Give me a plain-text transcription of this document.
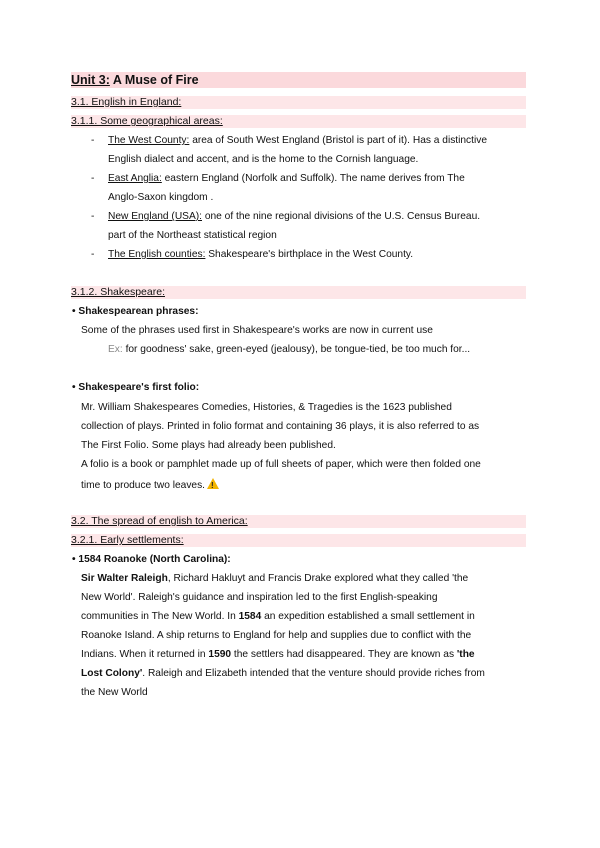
Unit 3: A Muse of Fire
3.1. English in England:
3.1.1. Some geographical areas:
- The West County: area of South West England (Bristol is part of it). Has a distinctive
English dialect and accent, and is the home to the Cornish language.
- East Anglia: eastern England (Norfolk and Suffolk). The name derives from The
Anglo-Saxon kingdom .
- New England (USA): one of the nine regional divisions of the U.S. Census Bureau.
part of the Northeast statistical region
- The English counties: Shakespeare's birthplace in the West County.
3.1.2. Shakespeare:
• Shakespearean phrases:
Some of the phrases used first in Shakespeare's works are now in current use
Ex: for goodness' sake, green-eyed (jealousy), be tongue-tied, be too much for...
• Shakespeare's first folio:
Mr. William Shakespeares Comedies, Histories, & Tragedies is the 1623 published
collection of plays. Printed in folio format and containing 36 plays, it is also referred to as
The First Folio. Some plays had already been published.
A folio is a book or pamphlet made up of full sheets of paper, which were then folded one
time to produce two leaves.!
3.2. The spread of english to America:
3.2.1. Early settlements:
• 1584 Roanoke (North Carolina):
Sir Walter Raleigh, Richard Hakluyt and Francis Drake explored what they called 'the
New World'. Raleigh's guidance and inspiration led to the first English-speaking
communities in The New World. In 1584 an expedition established a small settlement in
Roanoke Island. A ship returns to England for help and supplies due to conflict with the
Indians. When it returned in 1590 the settlers had disappeared. They are known as 'the
Lost Colony'. Raleigh and Elizabeth intended that the venture should provide riches from
the New World
